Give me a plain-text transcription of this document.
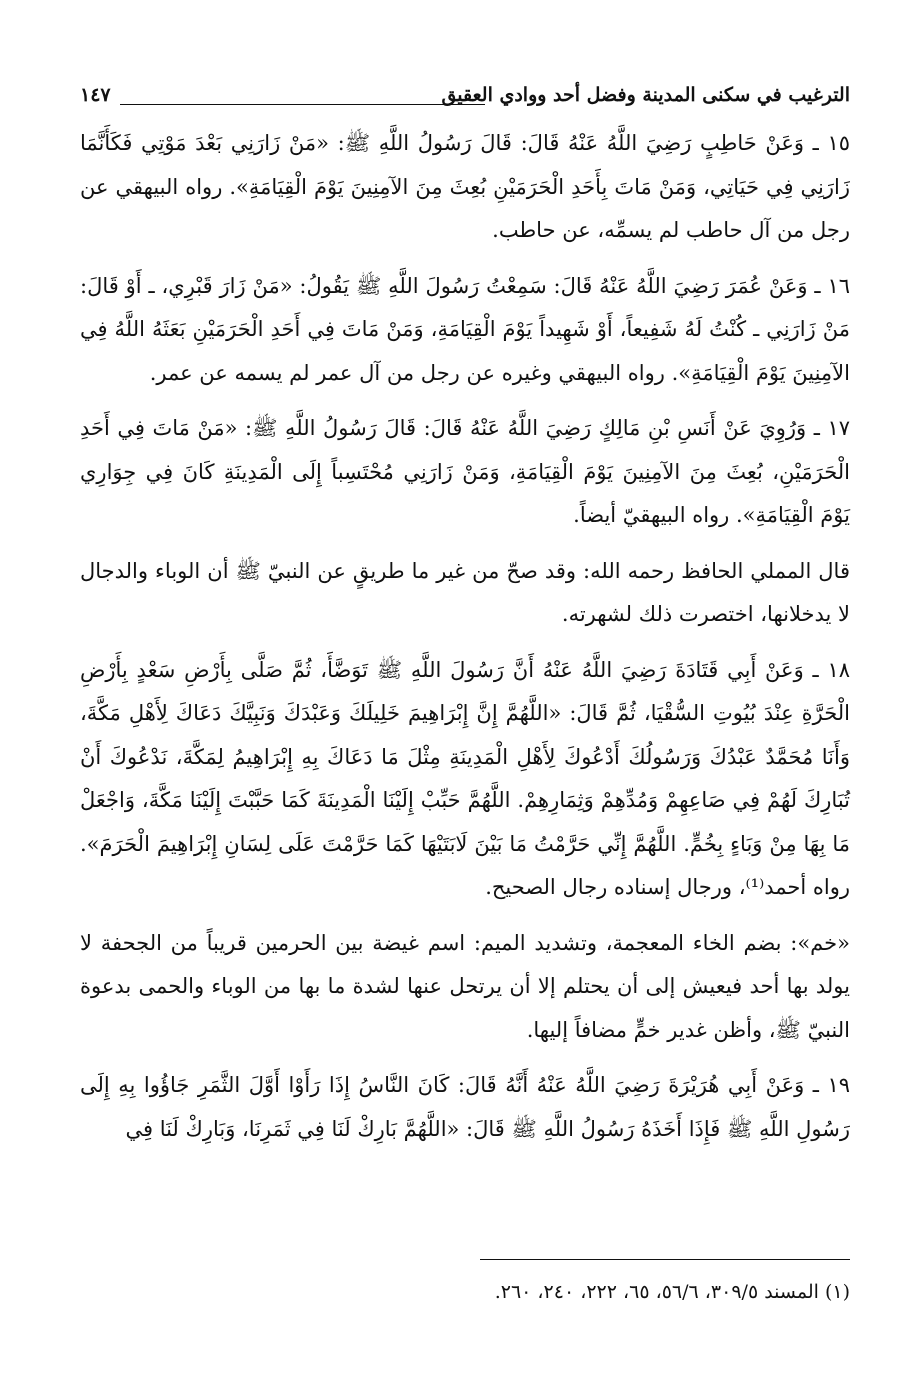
الترغيب في سكنى المدينة وفضل أحد ووادي العقيق
١٤٧

١٥ ـ وَعَنْ حَاطِبٍ رَضِيَ اللَّهُ عَنْهُ قَالَ: قَالَ رَسُولُ اللَّهِ ﷺ: «مَنْ زَارَنِي بَعْدَ مَوْتِي فَكَأَنَّمَا زَارَنِي فِي حَيَاتِي، وَمَنْ مَاتَ بِأَحَدِ الْحَرَمَيْنِ بُعِثَ مِنَ الآمِنِينَ يَوْمَ الْقِيَامَةِ». رواه البيهقي عن رجل من آل حاطب لم يسمِّه، عن حاطب.

١٦ ـ وَعَنْ عُمَرَ رَضِيَ اللَّهُ عَنْهُ قَالَ: سَمِعْتُ رَسُولَ اللَّهِ ﷺ يَقُولُ: «مَنْ زَارَ قَبْرِي، ـ أَوْ قَالَ: مَنْ زَارَنِي ـ كُنْتُ لَهُ شَفِيعاً، أَوْ شَهِيداً يَوْمَ الْقِيَامَةِ، وَمَنْ مَاتَ فِي أَحَدِ الْحَرَمَيْنِ بَعَثَهُ اللَّهُ فِي الآمِنِينَ يَوْمَ الْقِيَامَةِ». رواه البيهقي وغيره عن رجل من آل عمر لم يسمه عن عمر.

١٧ ـ وَرُوِيَ عَنْ أَنَسِ بْنِ مَالِكٍ رَضِيَ اللَّهُ عَنْهُ قَالَ: قَالَ رَسُولُ اللَّهِ ﷺ: «مَنْ مَاتَ فِي أَحَدِ الْحَرَمَيْنِ، بُعِثَ مِنَ الآمِنِينَ يَوْمَ الْقِيَامَةِ، وَمَنْ زَارَنِي مُحْتَسِباً إِلَى الْمَدِينَةِ كَانَ فِي جِوَارِي يَوْمَ الْقِيَامَةِ». رواه البيهقيّ أيضاً.

قال المملي الحافظ رحمه الله: وقد صحّ من غير ما طريقٍ عن النبيّ ﷺ أن الوباء والدجال لا يدخلانها، اختصرت ذلك لشهرته.

١٨ ـ وَعَنْ أَبِي قَتَادَةَ رَضِيَ اللَّهُ عَنْهُ أَنَّ رَسُولَ اللَّهِ ﷺ تَوَضَّأَ، ثُمَّ صَلَّى بِأَرْضِ سَعْدٍ بِأَرْضِ الْحَرَّةِ عِنْدَ بُيُوتِ السُّقْيَا، ثُمَّ قَالَ: «اللَّهُمَّ إِنَّ إِبْرَاهِيمَ خَلِيلَكَ وَعَبْدَكَ وَنَبِيَّكَ دَعَاكَ لِأَهْلِ مَكَّةَ، وَأَنَا مُحَمَّدٌ عَبْدُكَ وَرَسُولُكَ أَدْعُوكَ لِأَهْلِ الْمَدِينَةِ مِثْلَ مَا دَعَاكَ بِهِ إِبْرَاهِيمُ لِمَكَّةَ، نَدْعُوكَ أَنْ تُبَارِكَ لَهُمْ فِي صَاعِهِمْ وَمُدِّهِمْ وَثِمَارِهِمْ. اللَّهُمَّ حَبِّبْ إِلَيْنَا الْمَدِينَةَ كَمَا حَبَّبْتَ إِلَيْنَا مَكَّةَ، وَاجْعَلْ مَا بِهَا مِنْ وَبَاءٍ بِخُمٍّ. اللَّهُمَّ إِنِّي حَرَّمْتُ مَا بَيْنَ لَابَتَيْهَا كَمَا حَرَّمْتَ عَلَى لِسَانِ إِبْرَاهِيمَ الْحَرَمَ». رواه أحمد⁽¹⁾، ورجال إسناده رجال الصحيح.

«خم»: بضم الخاء المعجمة، وتشديد الميم: اسم غيضة بين الحرمين قريباً من الجحفة لا يولد بها أحد فيعيش إلى أن يحتلم إلا أن يرتحل عنها لشدة ما بها من الوباء والحمى بدعوة النبيّ ﷺ، وأظن غدير خمٍّ مضافاً إليها.

١٩ ـ وَعَنْ أَبِي هُرَيْرَةَ رَضِيَ اللَّهُ عَنْهُ أَنَّهُ قَالَ: كَانَ النَّاسُ إِذَا رَأَوْا أَوَّلَ الثَّمَرِ جَاؤُوا بِهِ إِلَى رَسُولِ اللَّهِ ﷺ فَإِذَا أَخَذَهُ رَسُولُ اللَّهِ ﷺ قَالَ: «اللَّهُمَّ بَارِكْ لَنَا فِي ثَمَرِنَا، وَبَارِكْ لَنَا فِي

(١) المسند ٣٠٩/٥، ٥٦/٦، ٦٥، ٢٢٢، ٢٤٠، ٢٦٠.
